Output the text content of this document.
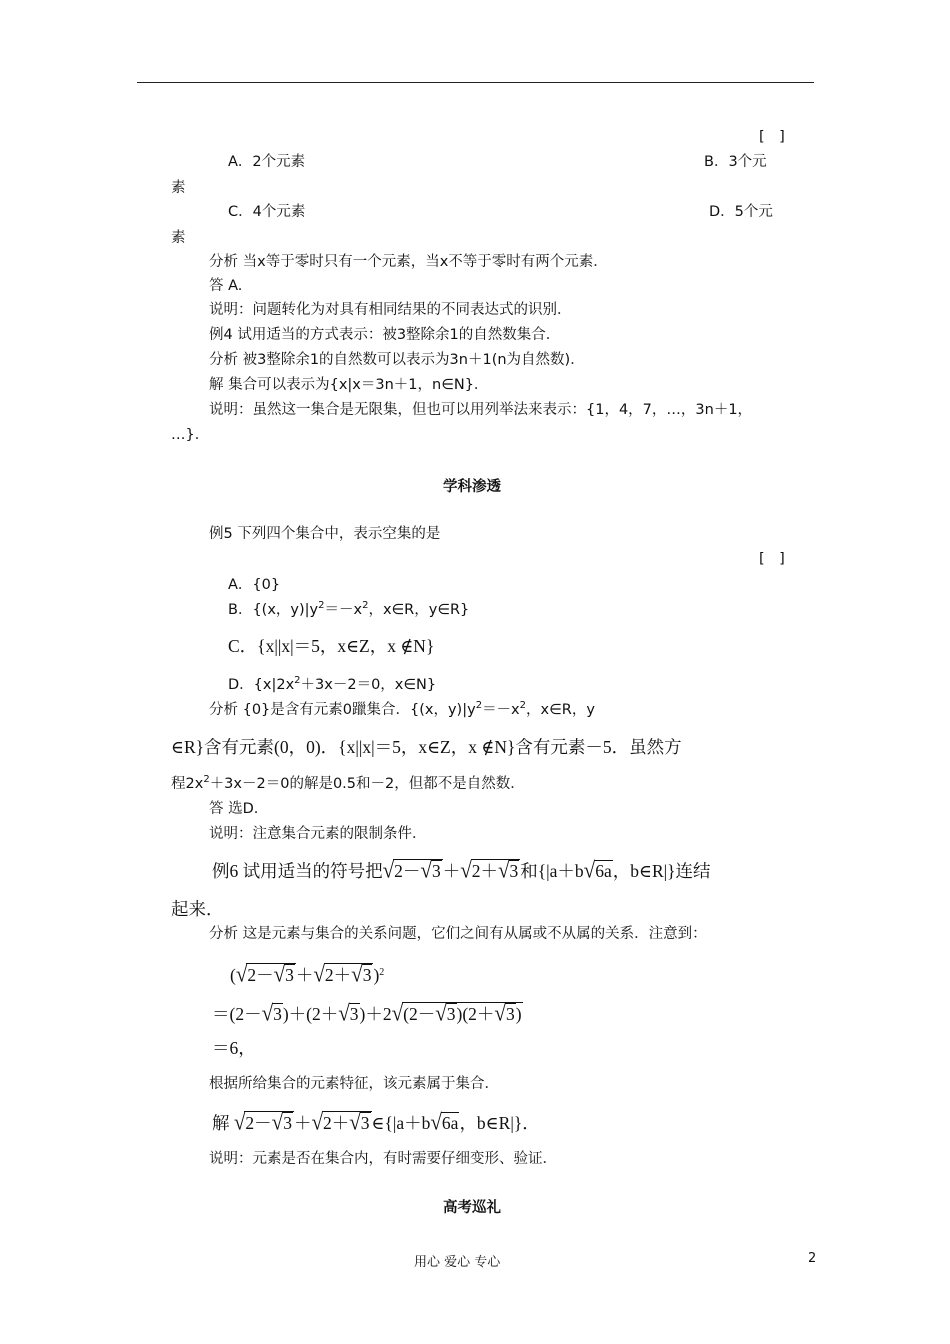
[　]
A．2个元素	B．3个元
素
C．4个元素	D．5个元
素
分析 当x等于零时只有一个元素，当x不等于零时有两个元素．
答 A.
说明：问题转化为对具有相同结果的不同表达式的识别．
例4 试用适当的方式表示：被3整除余1的自然数集合．
分析 被3整除余1的自然数可以表示为3n＋1(n为自然数)．
解 集合可以表示为{x|x＝3n＋1，n∈N}．
说明：虽然这一集合是无限集，但也可以用列举法来表示：{1，4，7，…，3n＋1，
…}．
学科渗透
例5 下列四个集合中，表示空集的是
[　]
A．{0}
B．{(x，$y)|y^2=-x^2$，x∈R，y∈R}
C．{x||x|＝5，x∈Z，x ∉N}
D．{$x|2x^2+3x-2=0$，x∈N}
分析 {0}是含有元素0躐集合．{(x，$y)|y^2=-x^2$，x∈R，y
∈R}含有元素(0，0)．{x||x|＝5，x∈Z，x ∉N}含有元素－5．虽然方
程$2x^2+3x-2=0$的解是0.5和－2，但都不是自然数．
答 选D.
说明：注意集合元素的限制条件．
例6 试用适当的符号把√2－√3 ＋√2＋√3 和{|a＋b√6a，b∈R|}连结
起来．
分析 这是元素与集合的关系问题，它们之间有从属或不从属的关系．注意到：
(√2－√3 ＋√2＋√3 )$^2$
＝(2－√3)＋(2＋√3)＋2√(2－√3)(2＋√3)
＝6，
根据所给集合的元素特征，该元素属于集合．
解 √2－√3 ＋√2＋√3 ∈{|a＋b√6a，b∈R|}．
说明：元素是否在集合内，有时需要仔细变形、验证．
高考巡礼
用心 爱心 专心	2
